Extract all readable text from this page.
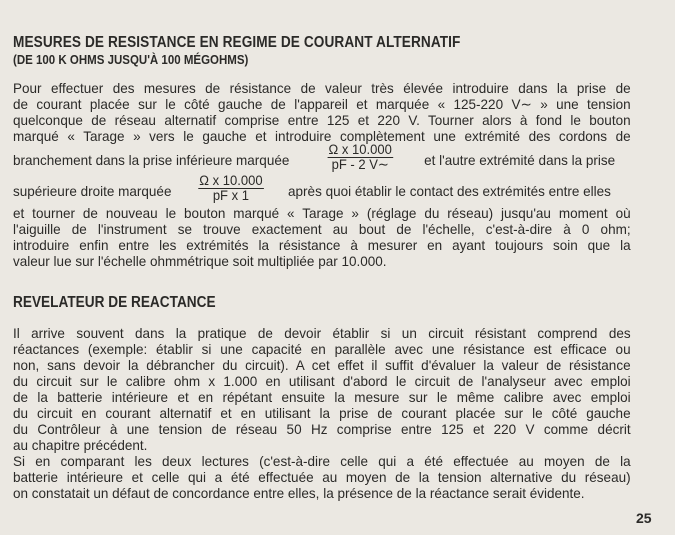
MESURES DE RESISTANCE EN REGIME DE COURANT ALTERNATIF
(DE 100 K OHMS JUSQU'À 100 MÉGOHMS)
Pour effectuer des mesures de résistance de valeur très élevée introduire dans la prise de
de courant placée sur le côté gauche de l'appareil et marquée « 125-220 V∼ » une tension
quelconque de réseau alternatif comprise entre 125 et 220 V. Tourner alors à fond le bouton
marqué « Tarage » vers le gauche et introduire complètement une extrémité des cordons de
branchement dans la prise inférieure marquée	$\frac{\text{Ω x 10.000}}{pF - 2 V\sim}$ et l'autre extrémité dans la prise
supérieure droite marquée $\frac{\text{Ω x 10.000}}{\text{pF x 1}}$ après quoi établir le contact des extrémités entre elles
et tourner de nouveau le bouton marqué « Tarage » (réglage du réseau) jusqu'au moment où
l'aiguille de l'instrument se trouve exactement au bout de l'échelle, c'est-à-dire à 0 ohm;
introduire enfin entre les extrémités la résistance à mesurer en ayant toujours soin que la
valeur lue sur l'échelle ohmmétrique soit multipliée par 10.000.
REVELATEUR DE REACTANCE
Il arrive souvent dans la pratique de devoir établir si un circuit résistant comprend des
réactances (exemple: établir si une capacité en parallèle avec une résistance est efficace ou
non, sans devoir la débrancher du circuit). A cet effet il suffit d'évaluer la valeur de résistance
du circuit sur le calibre ohm x 1.000 en utilisant d'abord le circuit de l'analyseur avec emploi
de la batterie intérieure et en répétant ensuite la mesure sur le même calibre avec emploi
du circuit en courant alternatif et en utilisant la prise de courant placée sur le côté gauche
du Contrôleur à une tension de réseau 50 Hz comprise entre 125 et 220 V comme décrit
au chapitre précédent.
Si en comparant les deux lectures (c'est-à-dire celle qui a été effectuée au moyen de la
batterie intérieure et celle qui a été effectuée au moyen de la tension alternative du réseau)
on constatait un défaut de concordance entre elles, la présence de la réactance serait évidente.
25
